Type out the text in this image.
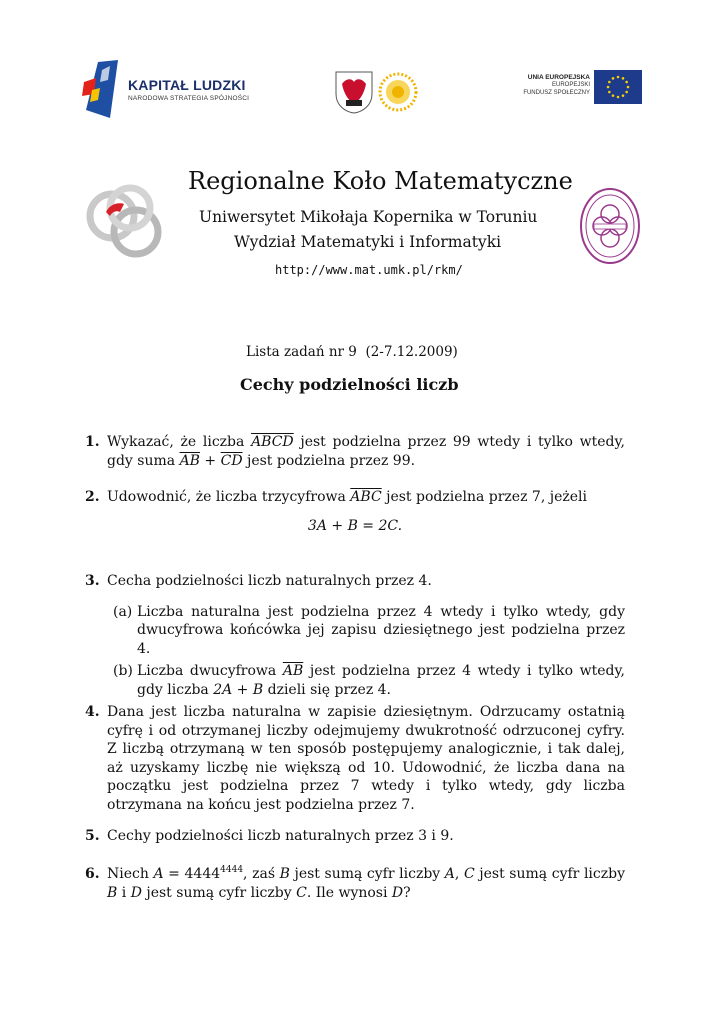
KAPITAŁ LUDZKI
NARODOWA STRATEGIA SPÓJNOŚCI
UNIA EUROPEJSKA
EUROPEJSKI
FUNDUSZ SPOŁECZNY
Regionalne Koło Matematyczne
Uniwersytet Mikołaja Kopernika w Toruniu
Wydział Matematyki i Informatyki
http://www.mat.umk.pl/rkm/
Lista zadań nr 9 (2-7.12.2009)
Cechy podzielności liczb
1. Wykazać, że liczba ABCD jest podzielna przez 99 wtedy i tylko wtedy, gdy suma $\overline{AB} + \overline{CD}$ jest podzielna przez 99.
2. Udowodnić, że liczba trzycyfrowa $\overline{ABC}$ jest podzielna przez 7, jeżeli
3A + B = 2C.
3. Cecha podzielności liczb naturalnych przez 4.
(a) Liczba naturalna jest podzielna przez 4 wtedy i tylko wtedy, gdy dwucyfrowa końcówka jej zapisu dziesiętnego jest podzielna przez 4.
(b) Liczba dwucyfrowa $\overline{AB}$ jest podzielna przez 4 wtedy i tylko wtedy, gdy liczba 2A + B dzieli się przez 4.
4. Dana jest liczba naturalna w zapisie dziesiętnym. Odrzucamy ostatnią cyfrę i od otrzymanej liczby odejmujemy dwukrotność odrzuconej cyfry. Z liczbą otrzymaną w ten sposób postępujemy analogicznie, i tak dalej, aż uzyskamy liczbę nie większą od 10. Udowodnić, że liczba dana na początku jest podzielna przez 7 wtedy i tylko wtedy, gdy liczba otrzymana na końcu jest podzielna przez 7.
5. Cechy podzielności liczb naturalnych przez 3 i 9.
6. Niech $A = 4444^{4444}$, zaś B jest sumą cyfr liczby A, C jest sumą cyfr liczby B i D jest sumą cyfr liczby C. Ile wynosi D?
